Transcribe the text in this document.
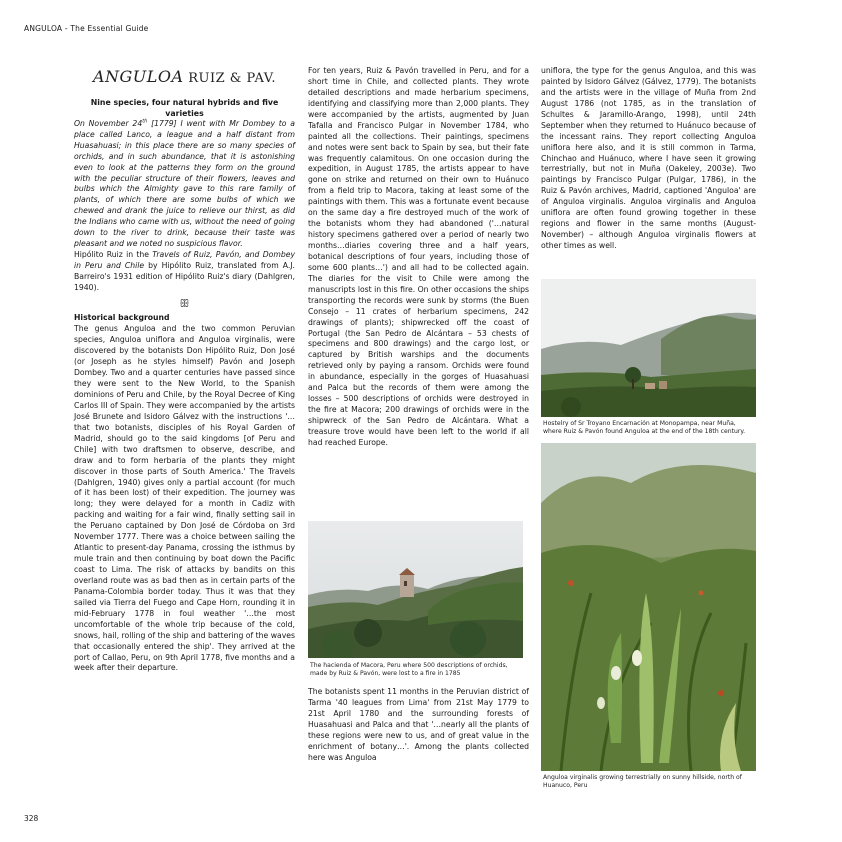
ANGULOA - The Essential Guide
ANGULOA RUIZ & PAV.

Nine species, four natural hybrids and five varieties

On November 24th [1779] I went with Mr Dombey to a place called Lanco, a league and a half distant from Huasahuasi; in this place there are so many species of orchids, and in such abundance, that it is astonishing even to look at the patterns they form on the ground with the peculiar structure of their flowers, leaves and bulbs which the Almighty gave to this rare family of plants, of which there are some bulbs of which we chewed and drank the juice to relieve our thirst, as did the Indians who came with us, without the need of going down to the river to drink, because their taste was pleasant and we noted no suspicious flavor.

Hipólito Ruiz in the Travels of Ruiz, Pavón, and Dombey in Peru and Chile by Hipólito Ruiz, translated from A.J. Barreiro's 1931 edition of Hipólito Ruiz's diary (Dahlgren, 1940).

ꕥ

Historical background

The genus Anguloa and the two common Peruvian species, Anguloa uniflora and Anguloa virginalis, were discovered by the botanists Don Hipólito Ruiz, Don José (or Joseph as he styles himself) Pavón and Joseph Dombey. Two and a quarter centuries have passed since they were sent to the New World, to the Spanish dominions of Peru and Chile, by the Royal Decree of King Carlos III of Spain. They were accompanied by the artists José Brunete and Isidoro Gálvez with the instructions '…that two botanists, disciples of his Royal Garden of Madrid, should go to the said kingdoms [of Peru and Chile] with two draftsmen to observe, describe, and draw and to form herbaria of the plants they might discover in those parts of South America.' The Travels (Dahlgren, 1940) gives only a partial account (for much of it has been lost) of their expedition. The journey was long; they were delayed for a month in Cadiz with packing and waiting for a fair wind, finally setting sail in the Peruano captained by Don José de Córdoba on 3rd November 1777. There was a choice between sailing the Atlantic to present-day Panama, crossing the isthmus by mule train and then continuing by boat down the Pacific coast to Lima. The risk of attacks by bandits on this overland route was as bad then as in certain parts of the Panama-Colombia border today. Thus it was that they sailed via Tierra del Fuego and Cape Horn, rounding it in mid-February 1778 in foul weather '…the most uncomfortable of the whole trip because of the cold, snows, hail, rolling of the ship and battering of the waves that occasionally entered the ship'. They arrived at the port of Callao, Peru, on 9th April 1778, five months and a week after their departure.

For ten years, Ruiz & Pavón travelled in Peru, and for a short time in Chile, and collected plants. They wrote detailed descriptions and made herbarium specimens, identifying and classifying more than 2,000 plants. They were accompanied by the artists, augmented by Juan Tafalla and Francisco Pulgar in November 1784, who painted all the collections. Their paintings, specimens and notes were sent back to Spain by sea, but their fate was frequently calamitous. On one occasion during the expedition, in August 1785, the artists appear to have gone on strike and returned on their own to Huánuco from a field trip to Macora, taking at least some of the paintings with them. This was a fortunate event because on the same day a fire destroyed much of the work of the botanists whom they had abandoned ('…natural history specimens gathered over a period of nearly two months…diaries covering three and a half years, botanical descriptions of four years, including those of some 600 plants…') and all had to be collected again. The diaries for the visit to Chile were among the manuscripts lost in this fire. On other occasions the ships transporting the records were sunk by storms (the Buen Consejo – 11 crates of herbarium specimens, 242 drawings of plants); shipwrecked off the coast of Portugal (the San Pedro de Alcántara – 53 chests of specimens and 800 drawings) and the cargo lost, or captured by British warships and the documents retrieved only by paying a ransom. Orchids were found in abundance, especially in the gorges of Huasahuasi and Palca but the records of them were among the losses – 500 descriptions of orchids were destroyed in the fire at Macora; 200 drawings of orchids were in the shipwreck of the San Pedro de Alcántara. What a treasure trove would have been left to the world if all had reached Europe.

The hacienda of Macora, Peru where 500 descriptions of orchids, made by Ruiz & Pavón, were lost to a fire in 1785
The botanists spent 11 months in the Peruvian district of Tarma '40 leagues from Lima' from 21st May 1779 to 21st April 1780 and the surrounding forests of Huasahuasi and Palca and that '…nearly all the plants of these regions were new to us, and of great value in the enrichment of botany…'. Among the plants collected here was Anguloa

uniflora, the type for the genus Anguloa, and this was painted by Isidoro Gálvez (Gálvez, 1779). The botanists and the artists were in the village of Muña from 2nd August 1786 (not 1785, as in the translation of Schultes & Jaramillo-Arango, 1998), until 24th September when they returned to Huánuco because of the incessant rains. They report collecting Anguloa uniflora here also, and it is still common in Tarma, Chinchao and Huánuco, where I have seen it growing terrestrially, but not in Muña (Oakeley, 2003e). Two paintings by Francisco Pulgar (Pulgar, 1786), in the Ruiz & Pavón archives, Madrid, captioned 'Anguloa' are of Anguloa virginalis. Anguloa virginalis and Anguloa uniflora are often found growing together in these regions and flower in the same months (August-November) – although Anguloa virginalis flowers at other times as well.

Hostelry of Sr Troyano Encarnación at Monopampa, near Muña, where Ruiz & Pavón found Anguloa at the end of the 18th century.
Anguloa virginalis growing terrestrially on sunny hillside, north of Huanuco, Peru
328
